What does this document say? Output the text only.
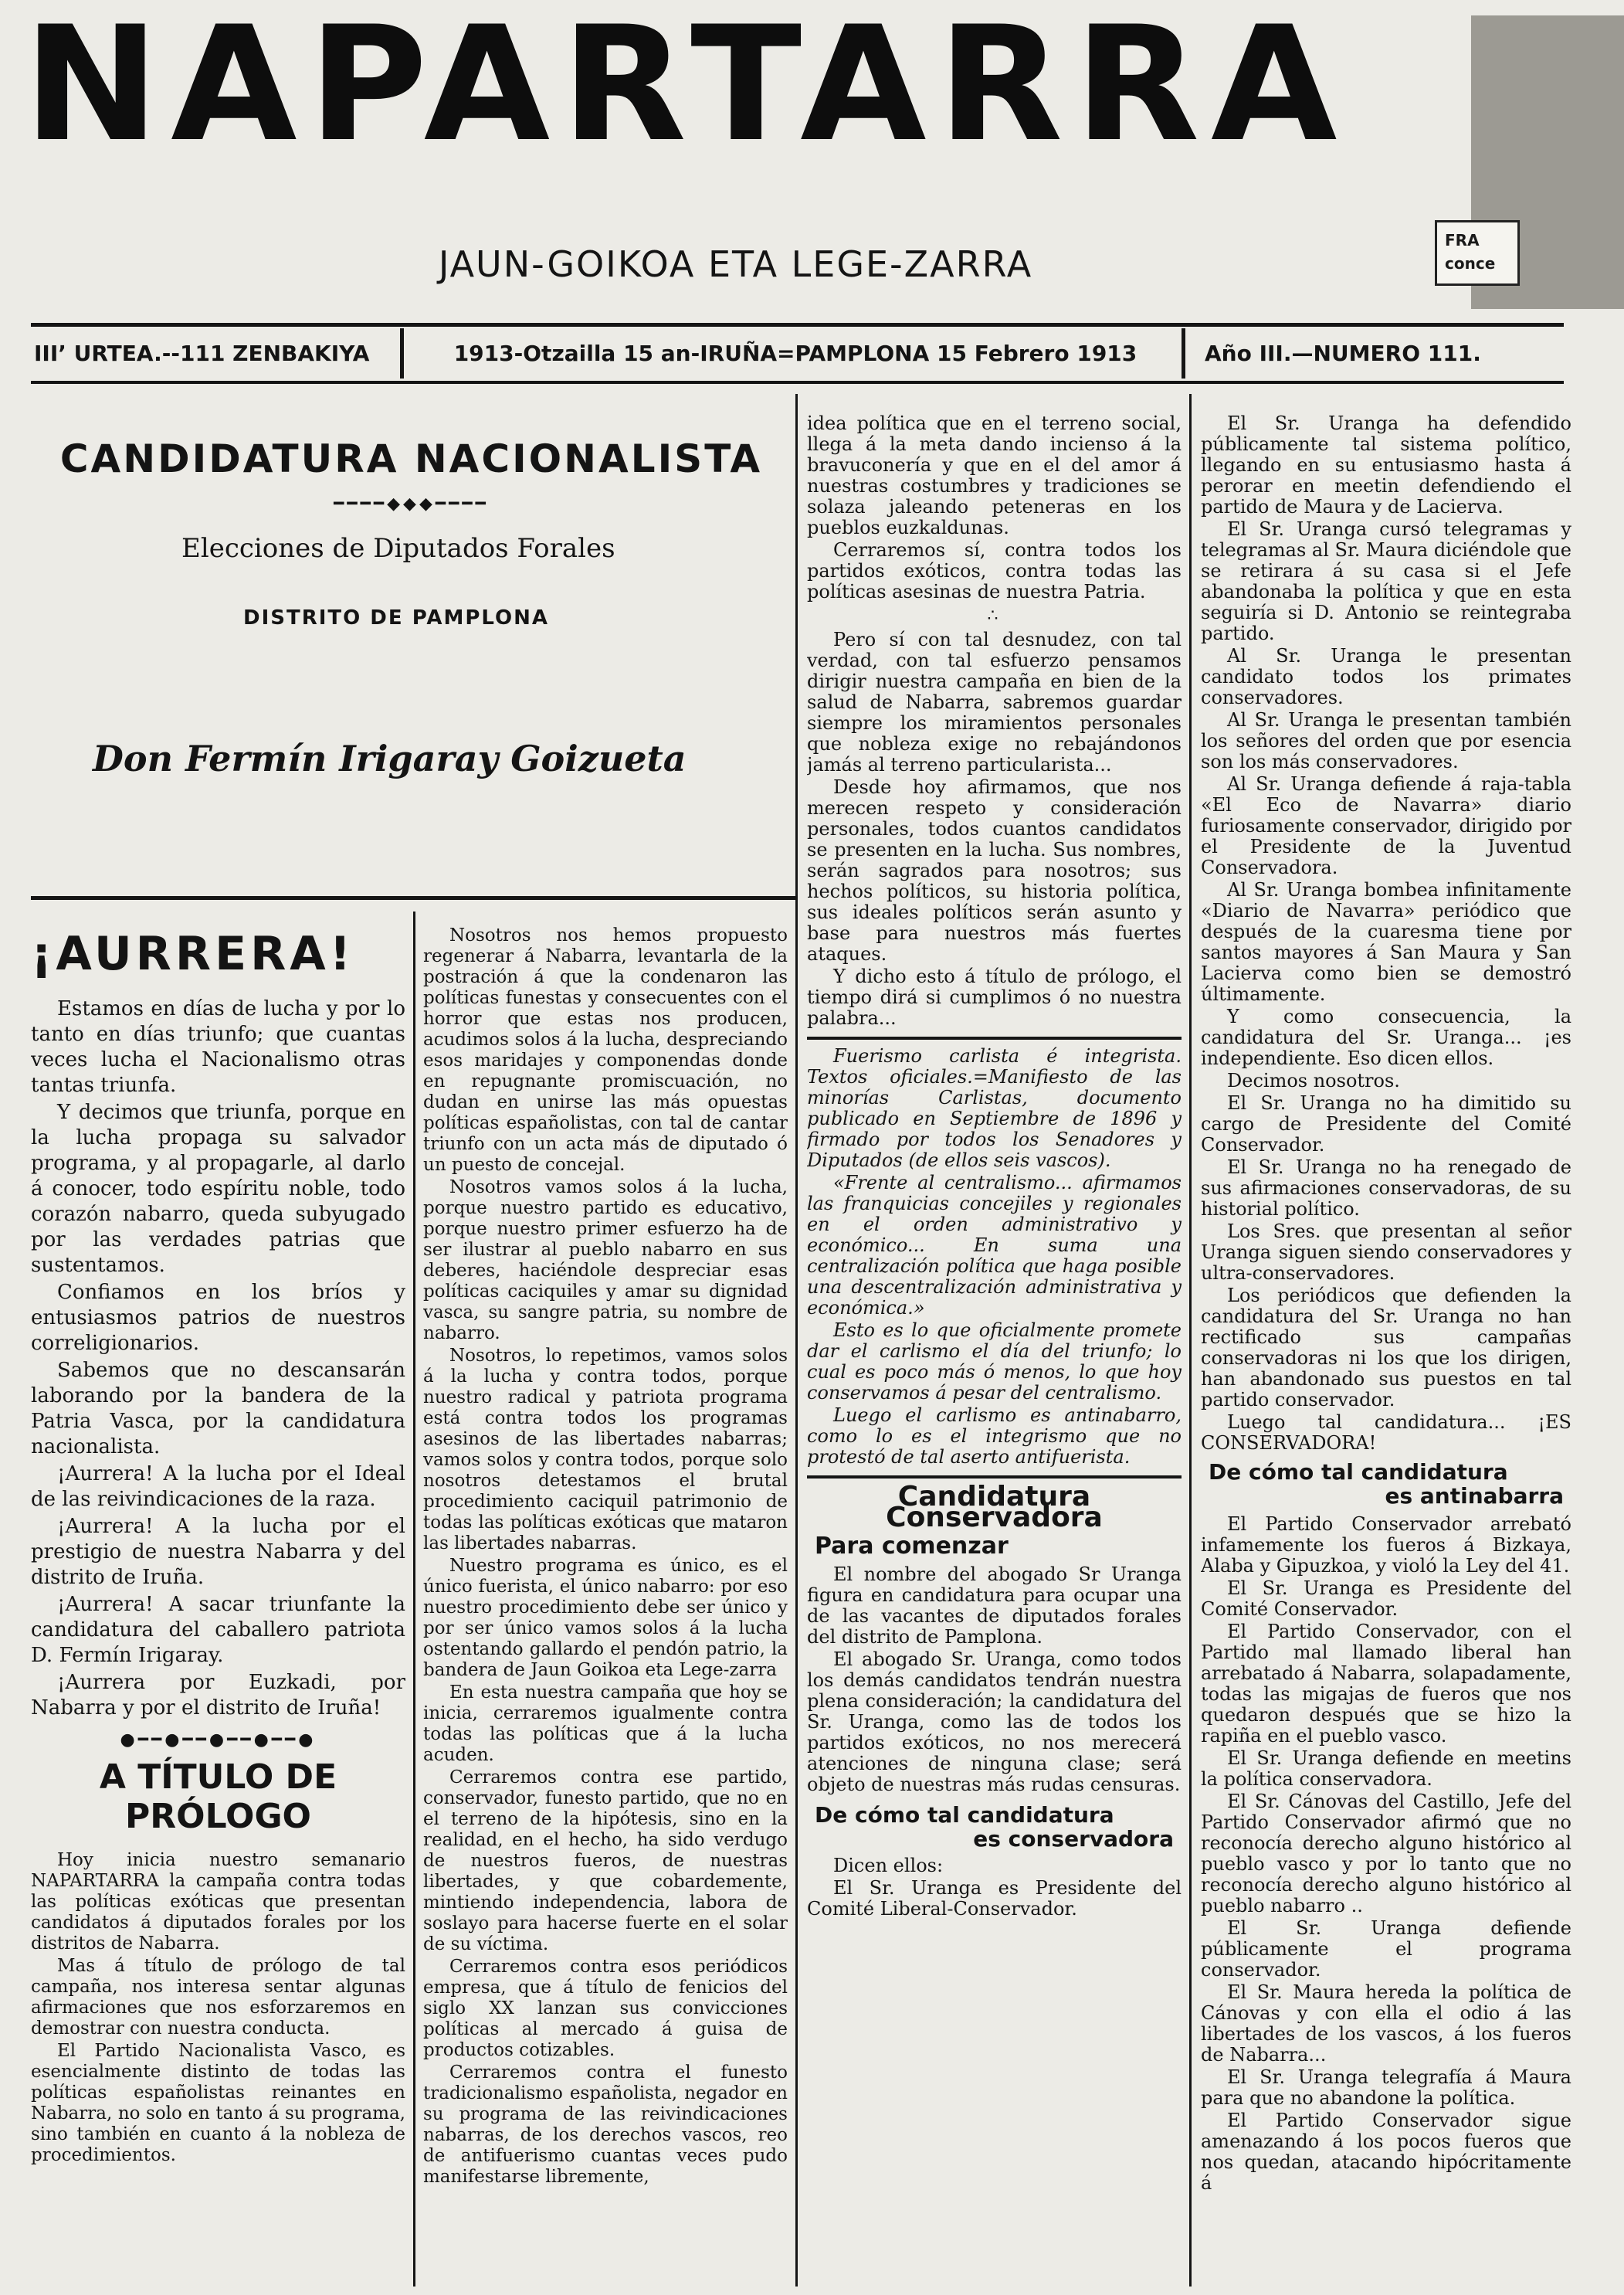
NAPARTARRA
FRA
conce
JAUN-GOIKOA ETA LEGE-ZARRA
IIIʼ URTEA.--111 ZENBAKIYA	1913-Otzailla 15 an-IRUÑA=PAMPLONA 15 Febrero 1913	Año III.—NUMERO 111.
CANDIDATURA NACIONALISTA
━━━━◆◆◆━━━━
Elecciones de Diputados Forales
DISTRITO DE PAMPLONA
Don Fermín Irigaray Goizueta
¡AURRERA!

Estamos en días de lucha y por lo tanto en días triunfo; que cuantas veces lucha el Nacionalismo otras tantas triunfa.

Y decimos que triunfa, porque en la lucha propaga su salvador programa, y al propagarle, al darlo á conocer, todo espíritu noble, todo corazón nabarro, queda subyugado por las verdades patrias que sustentamos.

Confiamos en los bríos y entusiasmos patrios de nuestros correligionarios.

Sabemos que no descansarán laborando por la bandera de la Patria Vasca, por la candidatura nacionalista.

¡Aurrera! A la lucha por el Ideal de las reivindicaciones de la raza.

¡Aurrera! A la lucha por el prestigio de nuestra Nabarra y del distrito de Iruña.

¡Aurrera! A sacar triunfante la candidatura del caballero patriota D. Fermín Irigaray.

¡Aurrera por Euzkadi, por Nabarra y por el distrito de Iruña!

●━━●━━●━━●━━●
A TÍTULO DE PRÓLOGO

Hoy inicia nuestro semanario NAPARTARRA la campaña contra todas las políticas exóticas que presentan candidatos á diputados forales por los distritos de Nabarra.

Mas á título de prólogo de tal campaña, nos interesa sentar algunas afirmaciones que nos esforzaremos en demostrar con nuestra conducta.

El Partido Nacionalista Vasco, es esencialmente distinto de todas las políticas españolistas reinantes en Nabarra, no solo en tanto á su programa, sino también en cuanto á la nobleza de procedimientos.

Nosotros nos hemos propuesto regenerar á Nabarra, levantarla de la postración á que la condenaron las políticas funestas y consecuentes con el horror que estas nos producen, acudimos solos á la lucha, despreciando esos maridajes y componendas donde en repugnante promiscuación, no dudan en unirse las más opuestas políticas españolistas, con tal de cantar triunfo con un acta más de diputado ó un puesto de concejal.

Nosotros vamos solos á la lucha, porque nuestro partido es educativo, porque nuestro primer esfuerzo ha de ser ilustrar al pueblo nabarro en sus deberes, haciéndole despreciar esas políticas caciquiles y amar su dignidad vasca, su sangre patria, su nombre de nabarro.

Nosotros, lo repetimos, vamos solos á la lucha y contra todos, porque nuestro radical y patriota programa está contra todos los programas asesinos de las libertades nabarras; vamos solos y contra todos, porque solo nosotros detestamos el brutal procedimiento caciquil patrimonio de todas las políticas exóticas que mataron las libertades nabarras.

Nuestro programa es único, es el único fuerista, el único nabarro: por eso nuestro procedimiento debe ser único y por ser único vamos solos á la lucha ostentando gallardo el pendón patrio, la bandera de Jaun Goikoa eta Lege-zarra

En esta nuestra campaña que hoy se inicia, cerraremos igualmente contra todas las políticas que á la lucha acuden.

Cerraremos contra ese partido, conservador, funesto partido, que no en el terreno de la hipótesis, sino en la realidad, en el hecho, ha sido verdugo de nuestros fueros, de nuestras libertades, y que cobardemente, mintiendo independencia, labora de soslayo para hacerse fuerte en el solar de su víctima.

Cerraremos contra esos periódicos empresa, que á título de fenicios del siglo XX lanzan sus convicciones políticas al mercado á guisa de productos cotizables.

Cerraremos contra el funesto tradicionalismo españolista, negador en su programa de las reivindicaciones nabarras, de los derechos vascos, reo de antifuerismo cuantas veces pudo manifestarse libremente,

idea política que en el terreno social, llega á la meta dando incienso á la bravuconería y que en el del amor á nuestras costumbres y tradiciones se solaza jaleando peteneras en los pueblos euzkaldunas.

Cerraremos sí, contra todos los partidos exóticos, contra todas las políticas asesinas de nuestra Patria.

∴

Pero sí con tal desnudez, con tal verdad, con tal esfuerzo pensamos dirigir nuestra campaña en bien de la salud de Nabarra, sabremos guardar siempre los miramientos personales que nobleza exige no rebajándonos jamás al terreno particularista...

Desde hoy afirmamos, que nos merecen respeto y consideración personales, todos cuantos candidatos se presenten en la lucha. Sus nombres, serán sagrados para nosotros; sus hechos políticos, su historia política, sus ideales políticos serán asunto y base para nuestros más fuertes ataques.

Y dicho esto á título de prólogo, el tiempo dirá si cumplimos ó no nuestra palabra...

Fuerismo carlista é integrista. Textos oficiales.=Manifiesto de las minorías Carlistas, documento publicado en Septiembre de 1896 y firmado por todos los Senadores y Diputados (de ellos seis vascos).

«Frente al centralismo... afirmamos las franquicias concejiles y regionales en el orden administrativo y económico... En suma una centralización política que haga posible una descentralización administrativa y económica.»

Esto es lo que oficialmente promete dar el carlismo el día del triunfo; lo cual es poco más ó menos, lo que hoy conservamos á pesar del centralismo.

Luego el carlismo es antinabarro, como lo es el integrismo que no protestó de tal aserto antifuerista.

Candidatura Conservadora
Para comenzar

El nombre del abogado Sr Uranga figura en candidatura para ocupar una de las vacantes de diputados forales del distrito de Pamplona.

El abogado Sr. Uranga, como todos los demás candidatos tendrán nuestra plena consideración; la candidatura del Sr. Uranga, como las de todos los partidos exóticos, no nos merecerá atenciones de ninguna clase; será objeto de nuestras más rudas censuras.

De cómo tal candidatura
es conservadora

Dicen ellos:

El Sr. Uranga es Presidente del Comité Liberal-Conservador.

El Sr. Uranga ha defendido públicamente tal sistema político, llegando en su entusiasmo hasta á perorar en meetin defendiendo el partido de Maura y de Lacierva.

El Sr. Uranga cursó telegramas y telegramas al Sr. Maura diciéndole que se retirara á su casa si el Jefe abandonaba la política y que en esta seguiría si D. Antonio se reintegraba partido.

Al Sr. Uranga le presentan candidato todos los primates conservadores.

Al Sr. Uranga le presentan también los señores del orden que por esencia son los más conservadores.

Al Sr. Uranga defiende á raja-tabla «El Eco de Navarra» diario furiosamente conservador, dirigido por el Presidente de la Juventud Conservadora.

Al Sr. Uranga bombea infinitamente «Diario de Navarra» periódico que después de la cuaresma tiene por santos mayores á San Maura y San Lacierva como bien se demostró últimamente.

Y como consecuencia, la candidatura del Sr. Uranga... ¡es independiente. Eso dicen ellos.

Decimos nosotros.

El Sr. Uranga no ha dimitido su cargo de Presidente del Comité Conservador.

El Sr. Uranga no ha renegado de sus afirmaciones conservadoras, de su historial político.

Los Sres. que presentan al señor Uranga siguen siendo conservadores y ultra-conservadores.

Los periódicos que defienden la candidatura del Sr. Uranga no han rectificado sus campañas conservadoras ni los que los dirigen, han abandonado sus puestos en tal partido conservador.

Luego tal candidatura... ¡ES CONSERVADORA!

De cómo tal candidatura
es antinabarra

El Partido Conservador arrebató infamemente los fueros á Bizkaya, Alaba y Gipuzkoa, y violó la Ley del 41.

El Sr. Uranga es Presidente del Comité Conservador.

El Partido Conservador, con el Partido mal llamado liberal han arrebatado á Nabarra, solapadamente, todas las migajas de fueros que nos quedaron después que se hizo la rapiña en el pueblo vasco.

El Sr. Uranga defiende en meetins la política conservadora.

El Sr. Cánovas del Castillo, Jefe del Partido Conservador afirmó que no reconocía derecho alguno histórico al pueblo vasco y por lo tanto que no reconocía derecho alguno histórico al pueblo nabarro ..

El Sr. Uranga defiende públicamente el programa conservador.

El Sr. Maura hereda la política de Cánovas y con ella el odio á las libertades de los vascos, á los fueros de Nabarra...

El Sr. Uranga telegrafía á Maura para que no abandone la política.

El Partido Conservador sigue amenazando á los pocos fueros que nos quedan, atacando hipócritamente á
